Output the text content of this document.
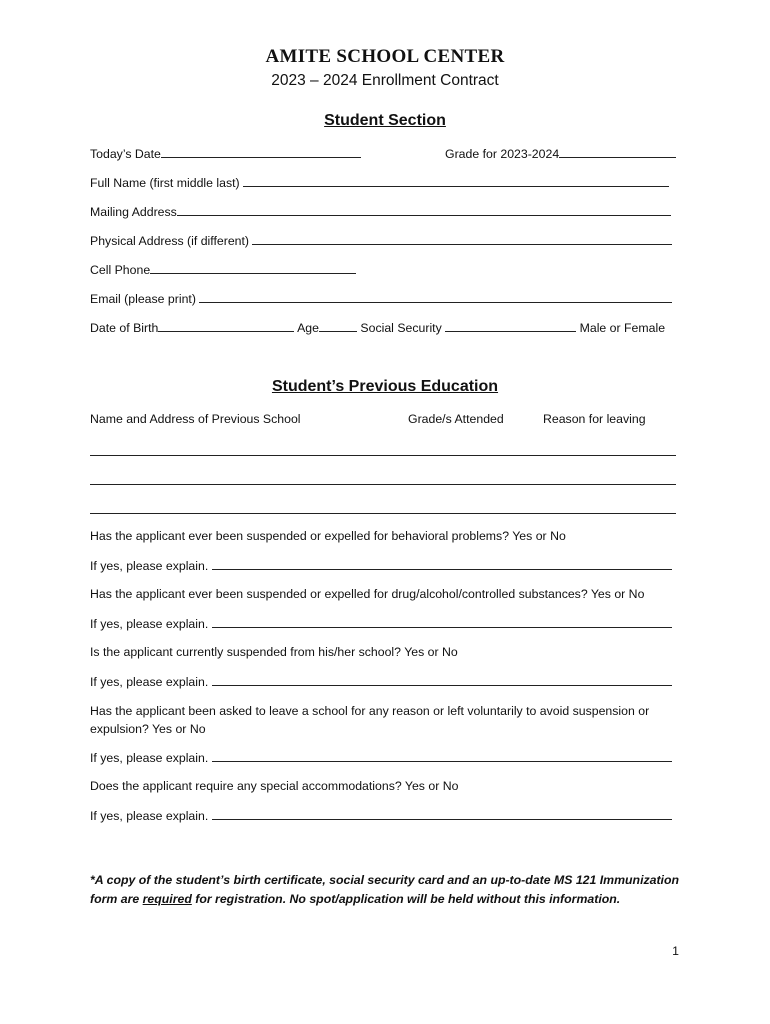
AMITE SCHOOL CENTER
2023 – 2024 Enrollment Contract
Student Section
Today’s Date	Grade for 2023-2024
Full Name (first middle last)
Mailing Address
Physical Address (if different)
Cell Phone
Email (please print)
Date of Birth	Age	Social Security	Male or Female
Student’s Previous Education
Name and Address of Previous School	Grade/s Attended	Reason for leaving
Has the applicant ever been suspended or expelled for behavioral problems? Yes or No
If yes, please explain.
Has the applicant ever been suspended or expelled for drug/alcohol/controlled substances? Yes or No
If yes, please explain.
Is the applicant currently suspended from his/her school? Yes or No
If yes, please explain.
Has the applicant been asked to leave a school for any reason or left voluntarily to avoid suspension or expulsion? Yes or No
If yes, please explain.
Does the applicant require any special accommodations? Yes or No
If yes, please explain.
*A copy of the student’s birth certificate, social security card and an up-to-date MS 121 Immunization form are required for registration. No spot/application will be held without this information.
1
